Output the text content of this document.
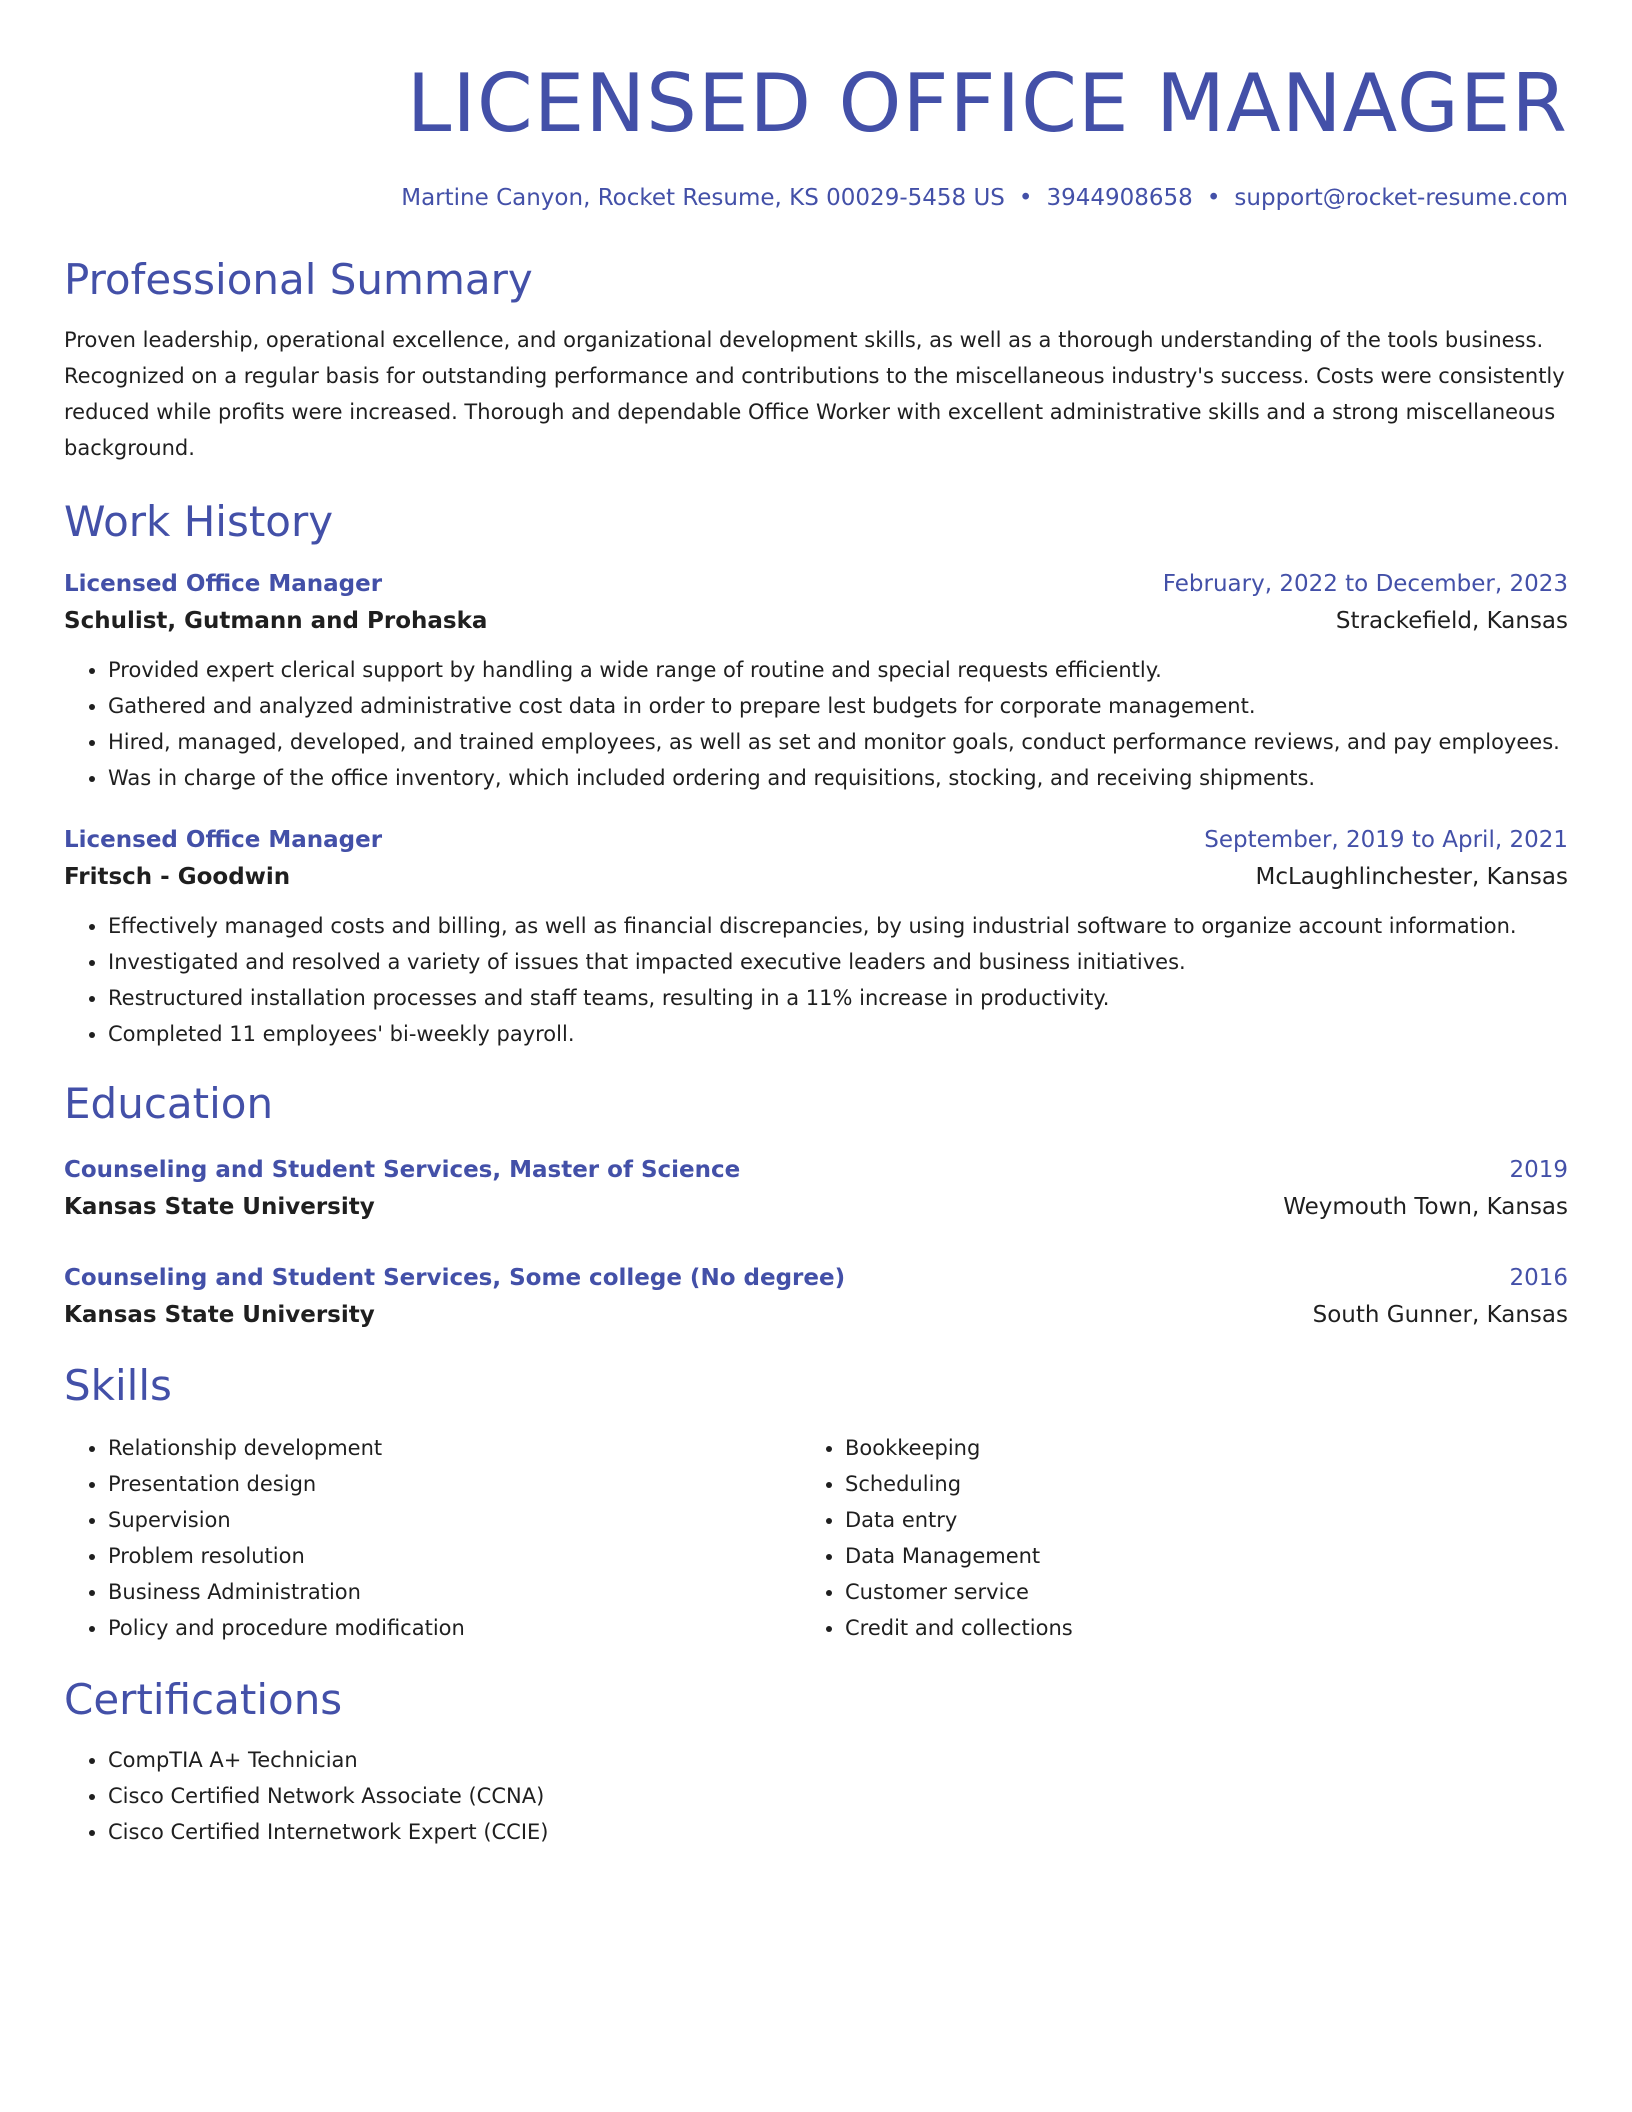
LICENSED OFFICE MANAGER
Martine Canyon, Rocket Resume, KS 00029-5458 US • 3944908658 • support@rocket-resume.com
Professional Summary
Proven leadership, operational excellence, and organizational development skills, as well as a thorough understanding of the tools business. Recognized on a regular basis for outstanding performance and contributions to the miscellaneous industry's success. Costs were consistently reduced while profits were increased. Thorough and dependable Office Worker with excellent administrative skills and a strong miscellaneous background.
Work History
Licensed Office Manager	February, 2022 to December, 2023
Schulist, Gutmann and Prohaska	Strackefield, Kansas
• Provided expert clerical support by handling a wide range of routine and special requests efficiently.
• Gathered and analyzed administrative cost data in order to prepare lest budgets for corporate management.
• Hired, managed, developed, and trained employees, as well as set and monitor goals, conduct performance reviews, and pay employees.
• Was in charge of the office inventory, which included ordering and requisitions, stocking, and receiving shipments.
Licensed Office Manager	September, 2019 to April, 2021
Fritsch - Goodwin	McLaughlinchester, Kansas
• Effectively managed costs and billing, as well as financial discrepancies, by using industrial software to organize account information.
• Investigated and resolved a variety of issues that impacted executive leaders and business initiatives.
• Restructured installation processes and staff teams, resulting in a 11% increase in productivity.
• Completed 11 employees' bi-weekly payroll.
Education
Counseling and Student Services, Master of Science	2019
Kansas State University	Weymouth Town, Kansas
Counseling and Student Services, Some college (No degree)	2016
Kansas State University	South Gunner, Kansas
Skills
• Relationship development
• Presentation design
• Supervision
• Problem resolution
• Business Administration
• Policy and procedure modification
• Bookkeeping
• Scheduling
• Data entry
• Data Management
• Customer service
• Credit and collections
Certifications
• CompTIA A+ Technician
• Cisco Certified Network Associate (CCNA)
• Cisco Certified Internetwork Expert (CCIE)
